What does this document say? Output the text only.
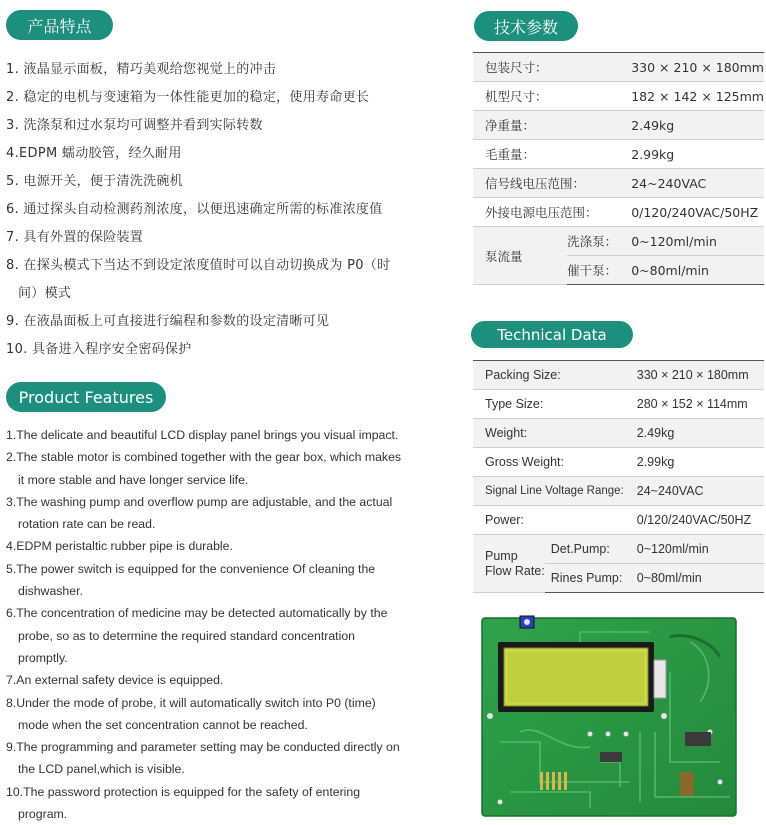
产品特点
1. 液晶显示面板，精巧美观给您视觉上的冲击
2. 稳定的电机与变速箱为一体性能更加的稳定，使用寿命更长
3. 洗涤泵和过水泵均可调整并看到实际转数
4.EDPM 蠕动胶管，经久耐用
5. 电源开关，便于清洗洗碗机
6. 通过探头自动检测药剂浓度，以便迅速确定所需的标准浓度值
7. 具有外置的保险装置
8. 在探头模式下当达不到设定浓度值时可以自动切换成为 P0（时
间）模式
9. 在液晶面板上可直接进行编程和参数的设定清晰可见
10. 具备进入程序安全密码保护
Product Features
1.The delicate and beautiful LCD display panel brings you visual impact.
2.The stable motor is combined together with the gear box, which makes
it more stable and have longer service life.
3.The washing pump and overflow pump are adjustable, and the actual
rotation rate can be read.
4.EDPM peristaltic rubber pipe is durable.
5.The power switch is equipped for the convenience Of cleaning the
dishwasher.
6.The concentration of medicine may be detected automatically by the
probe, so as to determine the required standard concentration
promptly.
7.An external safety device is equipped.
8.Under the mode of probe, it will automatically switch into P0 (time)
mode when the set concentration cannot be reached.
9.The programming and parameter setting may be conducted directly on
the LCD panel,which is visible.
10.The password protection is equipped for the safety of entering
program.
技术参数
包装尺寸：		330 × 210 × 180mm
机型尺寸：		182 × 142 × 125mm
净重量：		2.49kg
毛重量：		2.99kg
信号线电压范围：		24~240VAC
外接电源电压范围：		0/120/240VAC/50HZ
泵流量	洗涤泵：	0~120ml/min
	催干泵：	0~80ml/min
Technical Data
Packing Size:		330 × 210 × 180mm
Type Size:		280 × 152 × 114mm
Weight:		2.49kg
Gross Weight:		2.99kg
Signal Line Voltage Range:		24~240VAC
Power:		0/120/240VAC/50HZ
Pump
Flow Rate:	Det.Pump:	0~120ml/min
	Rines Pump:	0~80ml/min
